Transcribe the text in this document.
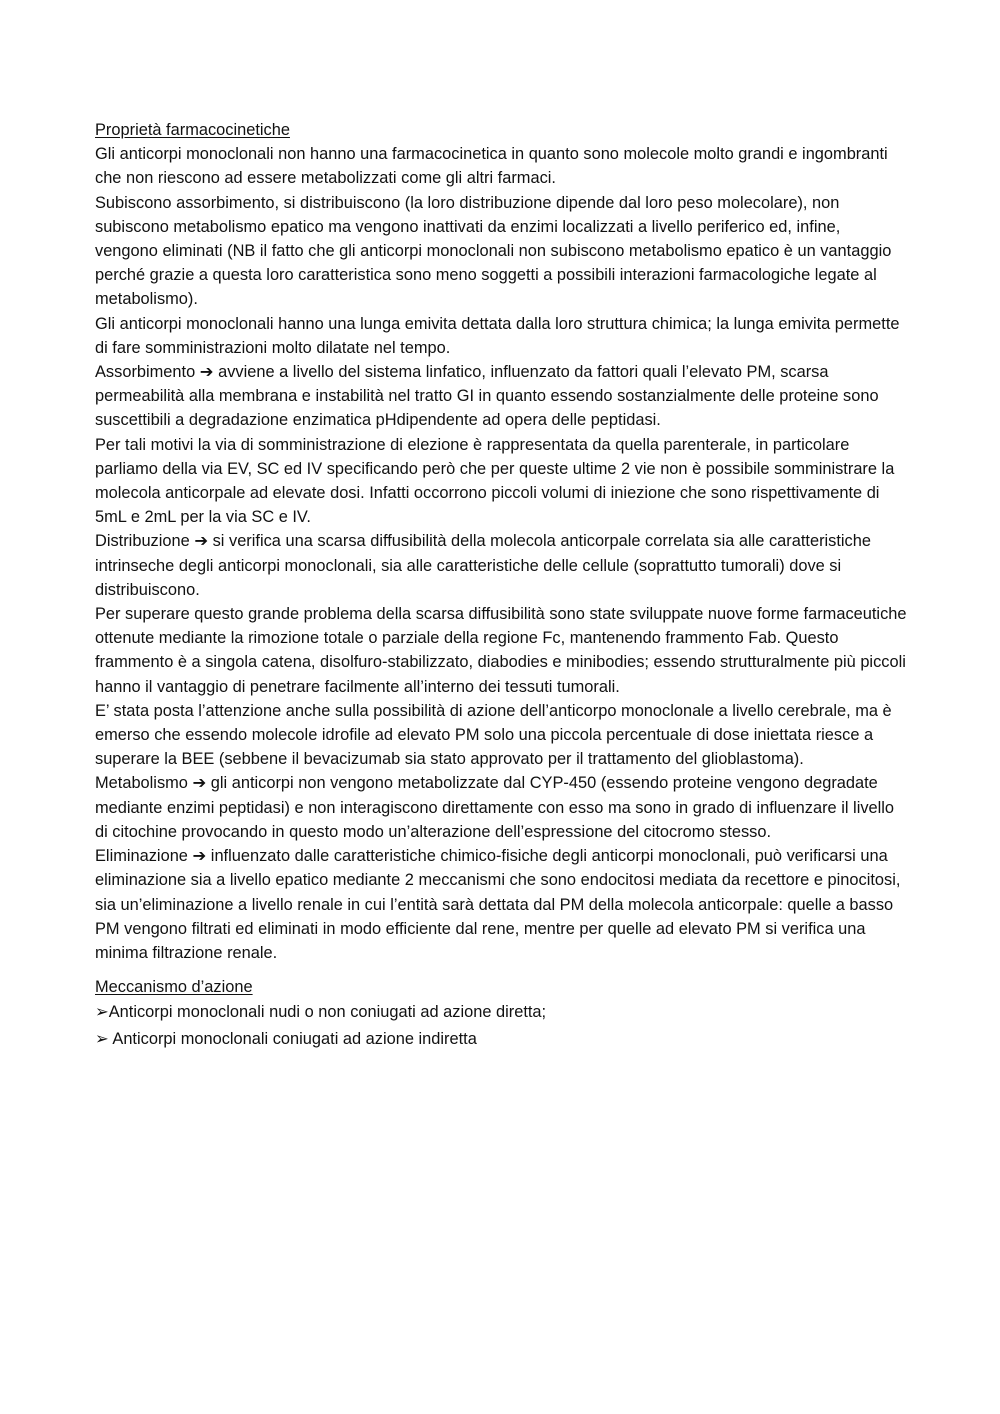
Proprietà farmacocinetiche

Gli anticorpi monoclonali non hanno una farmacocinetica in quanto sono molecole molto grandi e ingombranti che non riescono ad essere metabolizzati come gli altri farmaci.

Subiscono assorbimento, si distribuiscono (la loro distribuzione dipende dal loro peso molecolare), non subiscono metabolismo epatico ma vengono inattivati da enzimi localizzati a livello periferico ed, infine, vengono eliminati (NB il fatto che gli anticorpi monoclonali non subiscono metabolismo epatico è un vantaggio perché grazie a questa loro caratteristica sono meno soggetti a possibili interazioni farmacologiche legate al metabolismo).

Gli anticorpi monoclonali hanno una lunga emivita dettata dalla loro struttura chimica; la lunga emivita permette di fare somministrazioni molto dilatate nel tempo.

Assorbimento ➔ avviene a livello del sistema linfatico, influenzato da fattori quali l’elevato PM, scarsa permeabilità alla membrana e instabilità nel tratto GI in quanto essendo sostanzialmente delle proteine sono suscettibili a degradazione enzimatica pHdipendente ad opera delle peptidasi.

Per tali motivi la via di somministrazione di elezione è rappresentata da quella parenterale, in particolare parliamo della via EV, SC ed IV specificando però che per queste ultime 2 vie non è possibile somministrare la molecola anticorpale ad elevate dosi. Infatti occorrono piccoli volumi di iniezione che sono rispettivamente di 5mL e 2mL per la via SC e IV.

Distribuzione ➔ si verifica una scarsa diffusibilità della molecola anticorpale correlata sia alle caratteristiche intrinseche degli anticorpi monoclonali, sia alle caratteristiche delle cellule (soprattutto tumorali) dove si distribuiscono.

Per superare questo grande problema della scarsa diffusibilità sono state sviluppate nuove forme farmaceutiche ottenute mediante la rimozione totale o parziale della regione Fc, mantenendo frammento Fab. Questo frammento è a singola catena, disolfuro-stabilizzato, diabodies e minibodies; essendo strutturalmente più piccoli hanno il vantaggio di penetrare facilmente all’interno dei tessuti tumorali.

E’ stata posta l’attenzione anche sulla possibilità di azione dell’anticorpo monoclonale a livello cerebrale, ma è emerso che essendo molecole idrofile ad elevato PM solo una piccola percentuale di dose iniettata riesce a superare la BEE (sebbene il bevacizumab sia stato approvato per il trattamento del glioblastoma).

Metabolismo ➔ gli anticorpi non vengono metabolizzate dal CYP-450 (essendo proteine vengono degradate mediante enzimi peptidasi) e non interagiscono direttamente con esso ma sono in grado di influenzare il livello di citochine provocando in questo modo un’alterazione dell’espressione del citocromo stesso.

Eliminazione ➔ influenzato dalle caratteristiche chimico-fisiche degli anticorpi monoclonali, può verificarsi una eliminazione sia a livello epatico mediante 2 meccanismi che sono endocitosi mediata da recettore e pinocitosi, sia un’eliminazione a livello renale in cui l’entità sarà dettata dal PM della molecola anticorpale: quelle a basso PM vengono filtrati ed eliminati in modo efficiente dal rene, mentre per quelle ad elevato PM si verifica una minima filtrazione renale.

Meccanismo d’azione

➢Anticorpi monoclonali nudi o non coniugati ad azione diretta;

➢ Anticorpi monoclonali coniugati ad azione indiretta
